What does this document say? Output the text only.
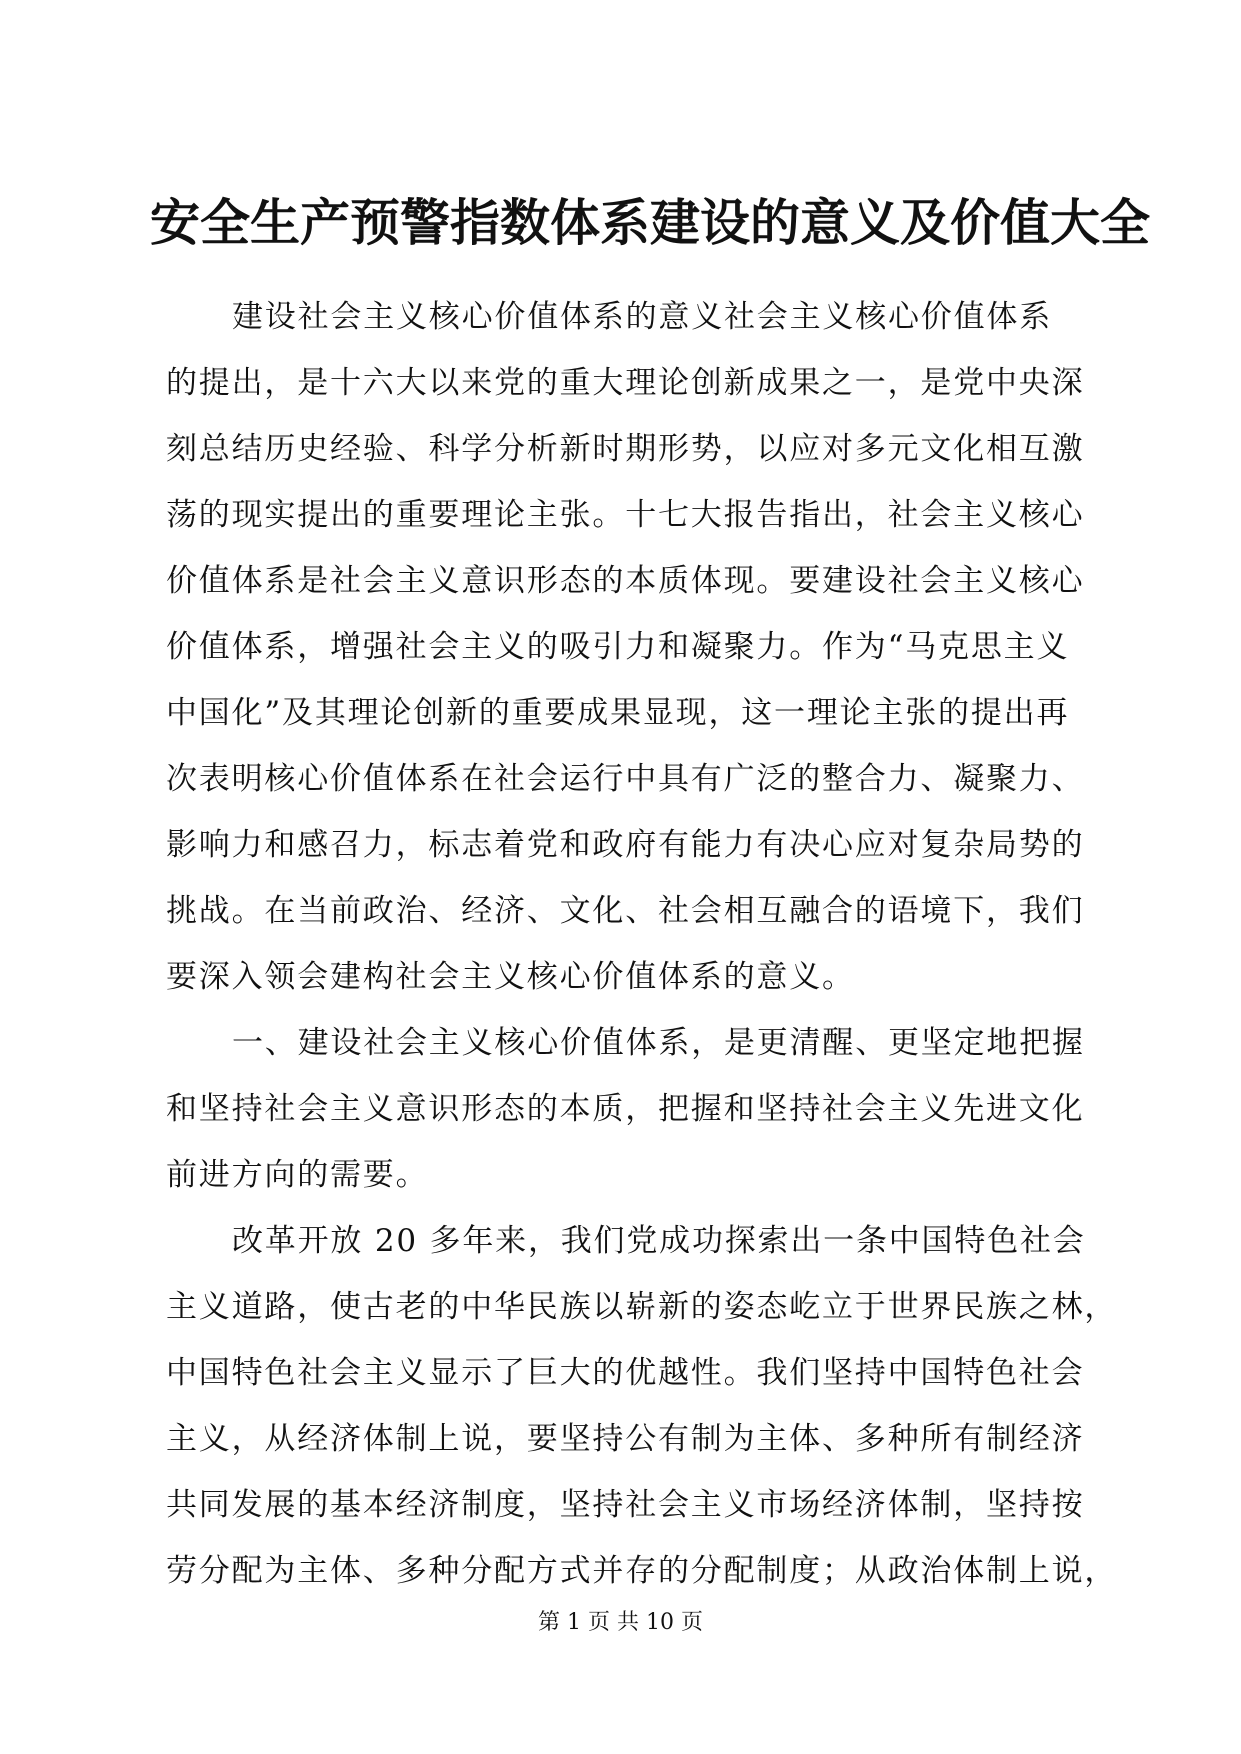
安全生产预警指数体系建设的意义及价值大全

建设社会主义核心价值体系的意义社会主义核心价值体系
的提出，是十六大以来党的重大理论创新成果之一，是党中央深
刻总结历史经验、科学分析新时期形势，以应对多元文化相互激
荡的现实提出的重要理论主张。十七大报告指出，社会主义核心
价值体系是社会主义意识形态的本质体现。要建设社会主义核心
价值体系，增强社会主义的吸引力和凝聚力。作为“马克思主义
中国化”及其理论创新的重要成果显现，这一理论主张的提出再
次表明核心价值体系在社会运行中具有广泛的整合力、凝聚力、
影响力和感召力，标志着党和政府有能力有决心应对复杂局势的
挑战。在当前政治、经济、文化、社会相互融合的语境下，我们
要深入领会建构社会主义核心价值体系的意义。

一、建设社会主义核心价值体系，是更清醒、更坚定地把握
和坚持社会主义意识形态的本质，把握和坚持社会主义先进文化
前进方向的需要。

改革开放 20 多年来，我们党成功探索出一条中国特色社会
主义道路，使古老的中华民族以崭新的姿态屹立于世界民族之林，
中国特色社会主义显示了巨大的优越性。我们坚持中国特色社会
主义，从经济体制上说，要坚持公有制为主体、多种所有制经济
共同发展的基本经济制度，坚持社会主义市场经济体制，坚持按
劳分配为主体、多种分配方式并存的分配制度；从政治体制上说，

第 1 页 共 10 页
